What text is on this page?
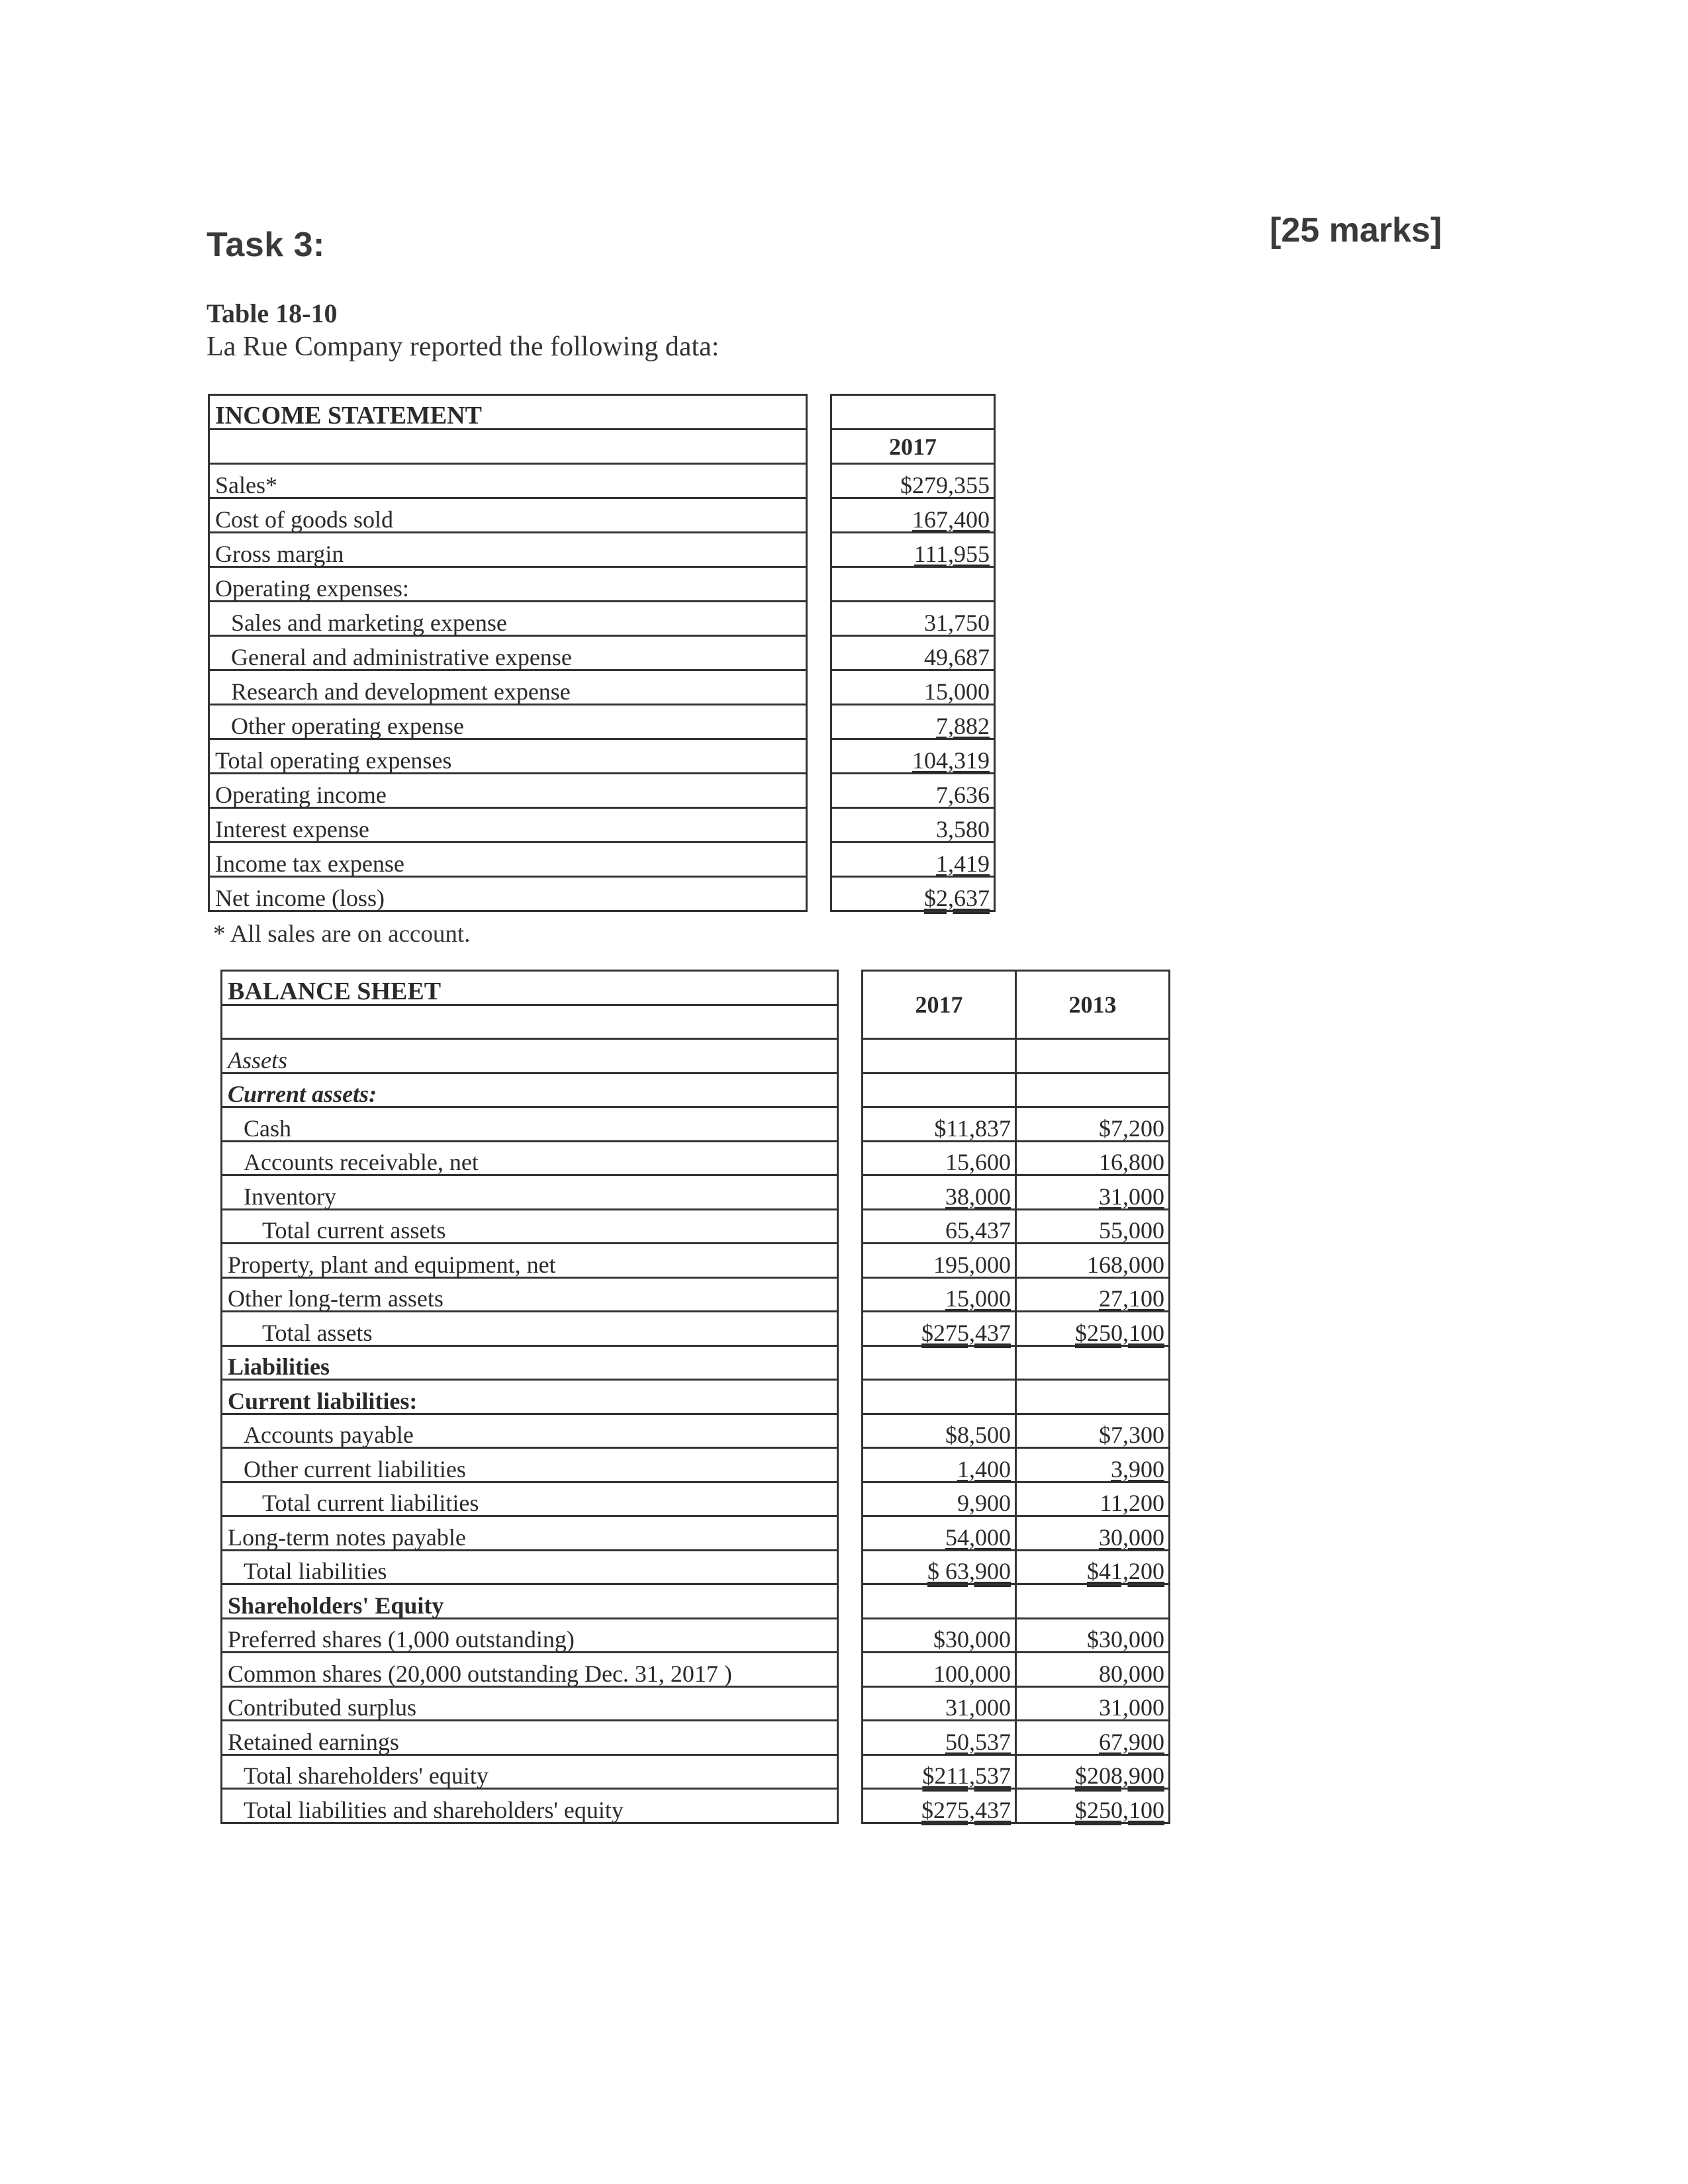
Task 3:	[25 marks]
Table 18-10
La Rue Company reported the following data:
INCOME STATEMENT		
		2017
Sales*		$279,355
Cost of goods sold		167,400
Gross margin		111,955
Operating expenses:		
Sales and marketing expense		31,750
General and administrative expense		49,687
Research and development expense		15,000
Other operating expense		7,882
Total operating expenses		104,319
Operating income		7,636
Interest expense		3,580
Income tax expense		1,419
Net income (loss)		$2,637
* All sales are on account.
BALANCE SHEET		2017	2013

Assets			
Current assets:			
Cash		$11,837	$7,200
Accounts receivable, net		15,600	16,800
Inventory		38,000	31,000
Total current assets		65,437	55,000
Property, plant and equipment, net		195,000	168,000
Other long-term assets		15,000	27,100
Total assets		$275,437	$250,100
Liabilities			
Current liabilities:			
Accounts payable		$8,500	$7,300
Other current liabilities		1,400	3,900
Total current liabilities		9,900	11,200
Long-term notes payable		54,000	30,000
Total liabilities		$ 63,900	$41,200
Shareholders' Equity			
Preferred shares (1,000 outstanding)		$30,000	$30,000
Common shares (20,000 outstanding Dec. 31, 2017 )		100,000	80,000
Contributed surplus		31,000	31,000
Retained earnings		50,537	67,900
Total shareholders' equity		$211,537	$208,900
Total liabilities and shareholders' equity		$275,437	$250,100
